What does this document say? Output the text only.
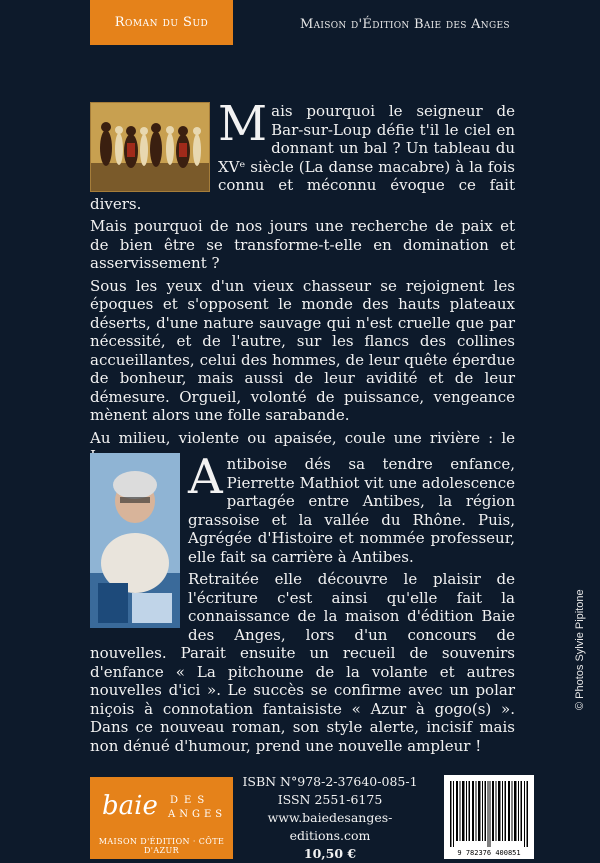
Roman du Sud	Maison d'Édition Baie des Anges

Mais pourquoi le seigneur de Bar-sur-Loup défie t'il le ciel en donnant un bal ? Un tableau du XVᵉ siècle (La danse macabre) à la fois connu et méconnu évoque ce fait divers.

Mais pourquoi de nos jours une recherche de paix et de bien être se transforme-t-elle en domination et asservissement ?

Sous les yeux d'un vieux chasseur se rejoignent les époques et s'opposent le monde des hauts plateaux déserts, d'une nature sauvage qui n'est cruelle que par nécessité, et de l'autre, sur les flancs des collines accueillantes, celui des hommes, de leur quête éperdue de bonheur, mais aussi de leur avidité et de leur démesure. Orgueil, volonté de puissance, vengeance mènent alors une folle sarabande.

Au milieu, violente ou apaisée, coule une rivière : le

Antiboise dés sa tendre enfance, Pierrette Mathiot vit une adolescence partagée entre Antibes, la région grassoise et la vallée du Rhône. Puis, Agrégée d'Histoire et nommée professeur, elle fait sa carrière à Antibes.

Retraitée elle découvre le plaisir de l'écriture c'est ainsi qu'elle fait la connaissance de la maison d'édition Baie des Anges, lors d'un concours de nouvelles. Parait ensuite un recueil de souvenirs d'enfance « La pitchoune de la volante et autres nouvelles d'ici ». Le succès se confirme avec un polar niçois à connotation fantaisiste « Azur à gogo(s) ». Dans ce nouveau roman, son style alerte, incisif mais non dénué d'humour, prend une nouvelle ampleur !

baie DES
ANGES
MAISON D'ÉDITION · CÔTE D'AZUR
ISBN N°978-2-37640-085-1
ISSN 2551-6175
www.baiedesanges-editions.com
10,50 €	9 782376 400851
© Photos Sylvie Pipitone
